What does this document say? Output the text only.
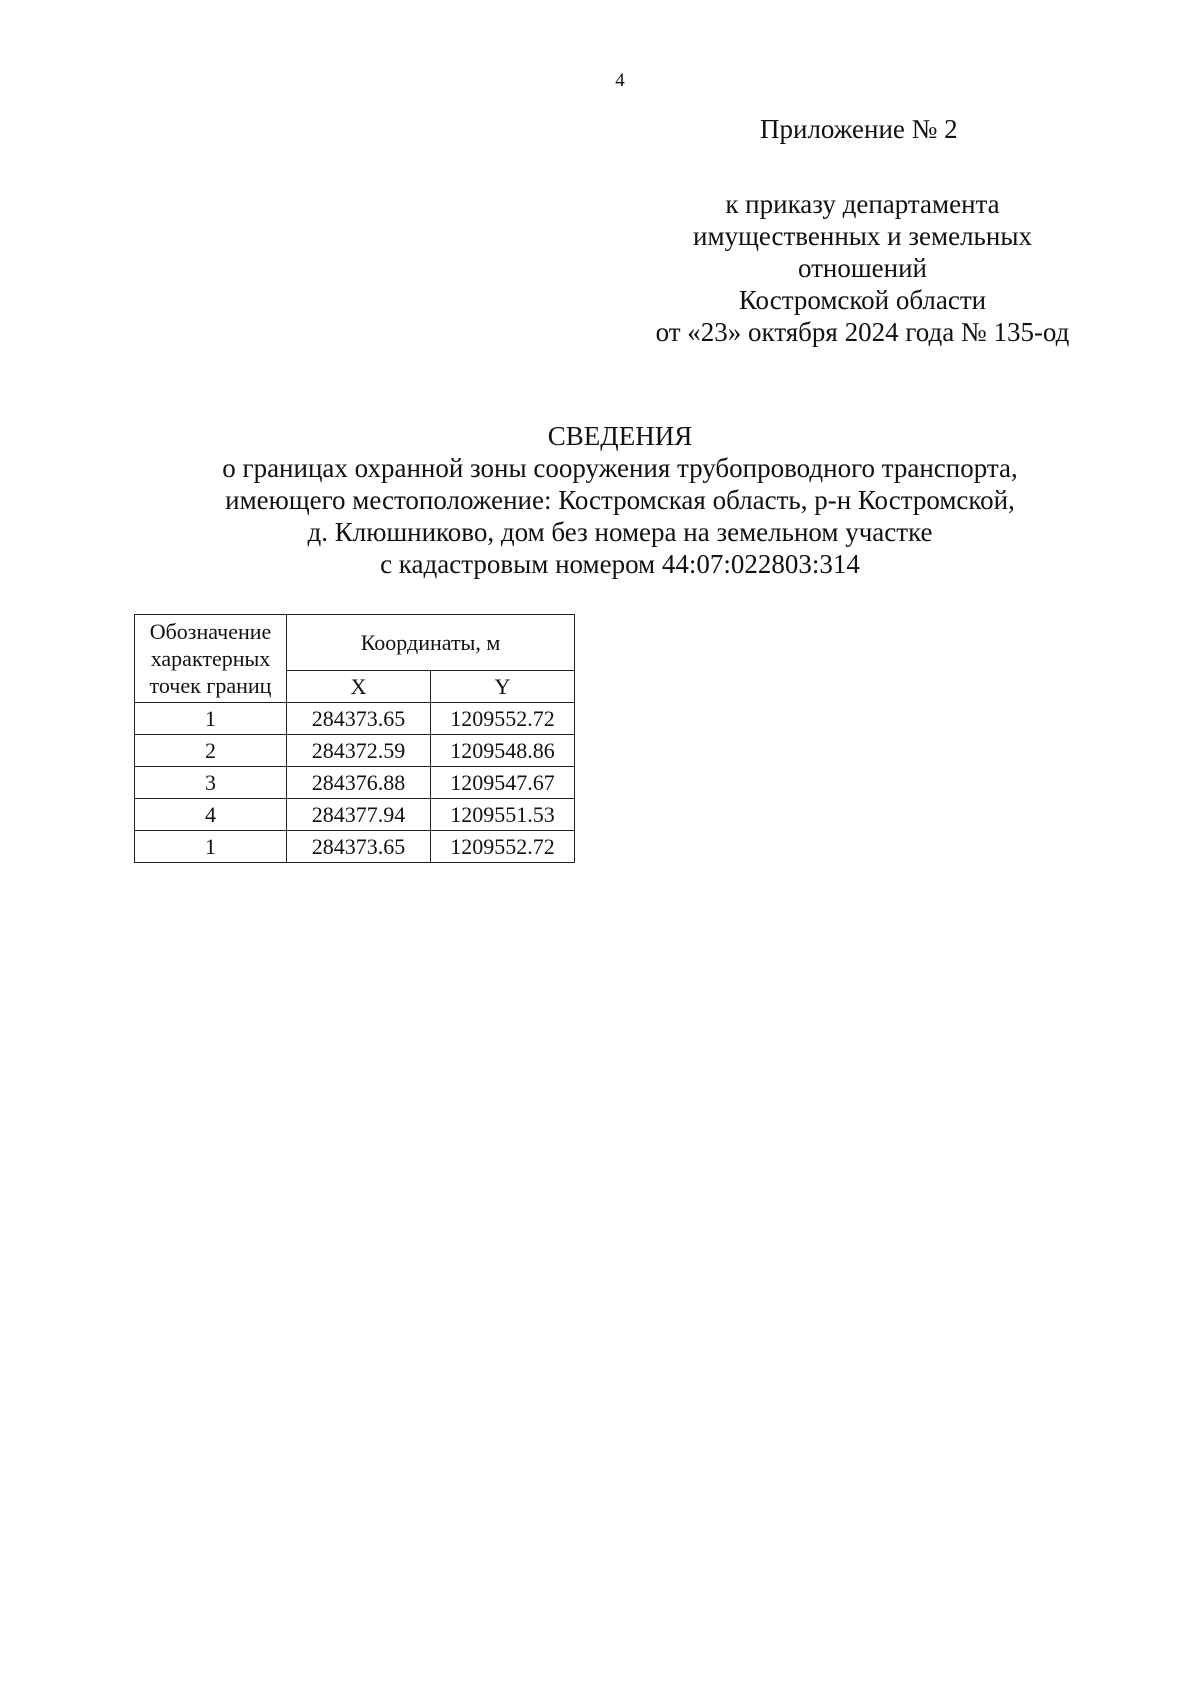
4
Приложение № 2
к приказу департамента
имущественных и земельных
отношений
Костромской области
от «23» октября 2024 года № 135-од
СВЕДЕНИЯ
о границах охранной зоны сооружения трубопроводного транспорта,
имеющего местоположение: Костромская область, р-н Костромской,
д. Клюшниково, дом без номера на земельном участке
с кадастровым номером 44:07:022803:314
Обозначение
характерных
точек границ	Координаты, м	
	X	Y
1	284373.65	1209552.72
2	284372.59	1209548.86
3	284376.88	1209547.67
4	284377.94	1209551.53
1	284373.65	1209552.72
